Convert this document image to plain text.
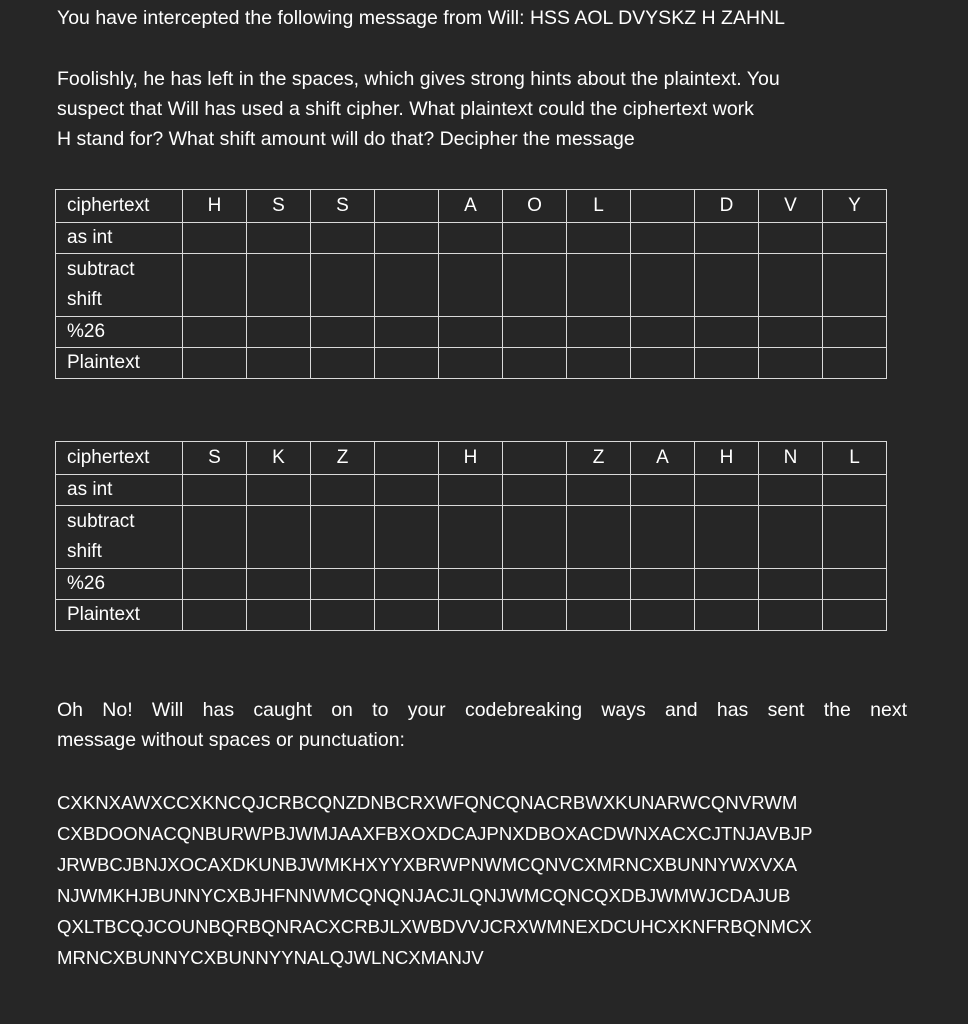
You have intercepted the following message from Will: HSS AOL DVYSKZ H ZAHNL
Foolishly, he has left in the spaces, which gives strong hints about the plaintext. You
suspect that Will has used a shift cipher. What plaintext could the ciphertext work
H stand for? What shift amount will do that? Decipher the message
ciphertext	H	S	S		A	O	L		D	V	Y
as int											

subtract
shift											

%26											
Plaintext											
ciphertext	S	K	Z		H		Z	A	H	N	L
as int											

subtract
shift											

%26											
Plaintext											
Oh No! Will has caught on to your codebreaking ways and has sent the next
message without spaces or punctuation:
CXKNXAWXCCXKNCQJCRBCQNZDNBCRXWFQNCQNACRBWXKUNARWCQNVRWM
CXBDOONACQNBURWPBJWMJAAXFBXOXDCAJPNXDBOXACDWNXACXCJTNJAVBJP
JRWBCJBNJXOCAXDKUNBJWMKHXYYXBRWPNWMCQNVCXMRNCXBUNNYWXVXA
NJWMKHJBUNNYCXBJHFNNWMCQNQNJACJLQNJWMCQNCQXDBJWMWJCDAJUB
QXLTBCQJCOUNBQRBQNRACXCRBJLXWBDVVJCRXWMNEXDCUHCXKNFRBQNMCX
MRNCXBUNNYCXBUNNYYNALQJWLNCXMANJV
